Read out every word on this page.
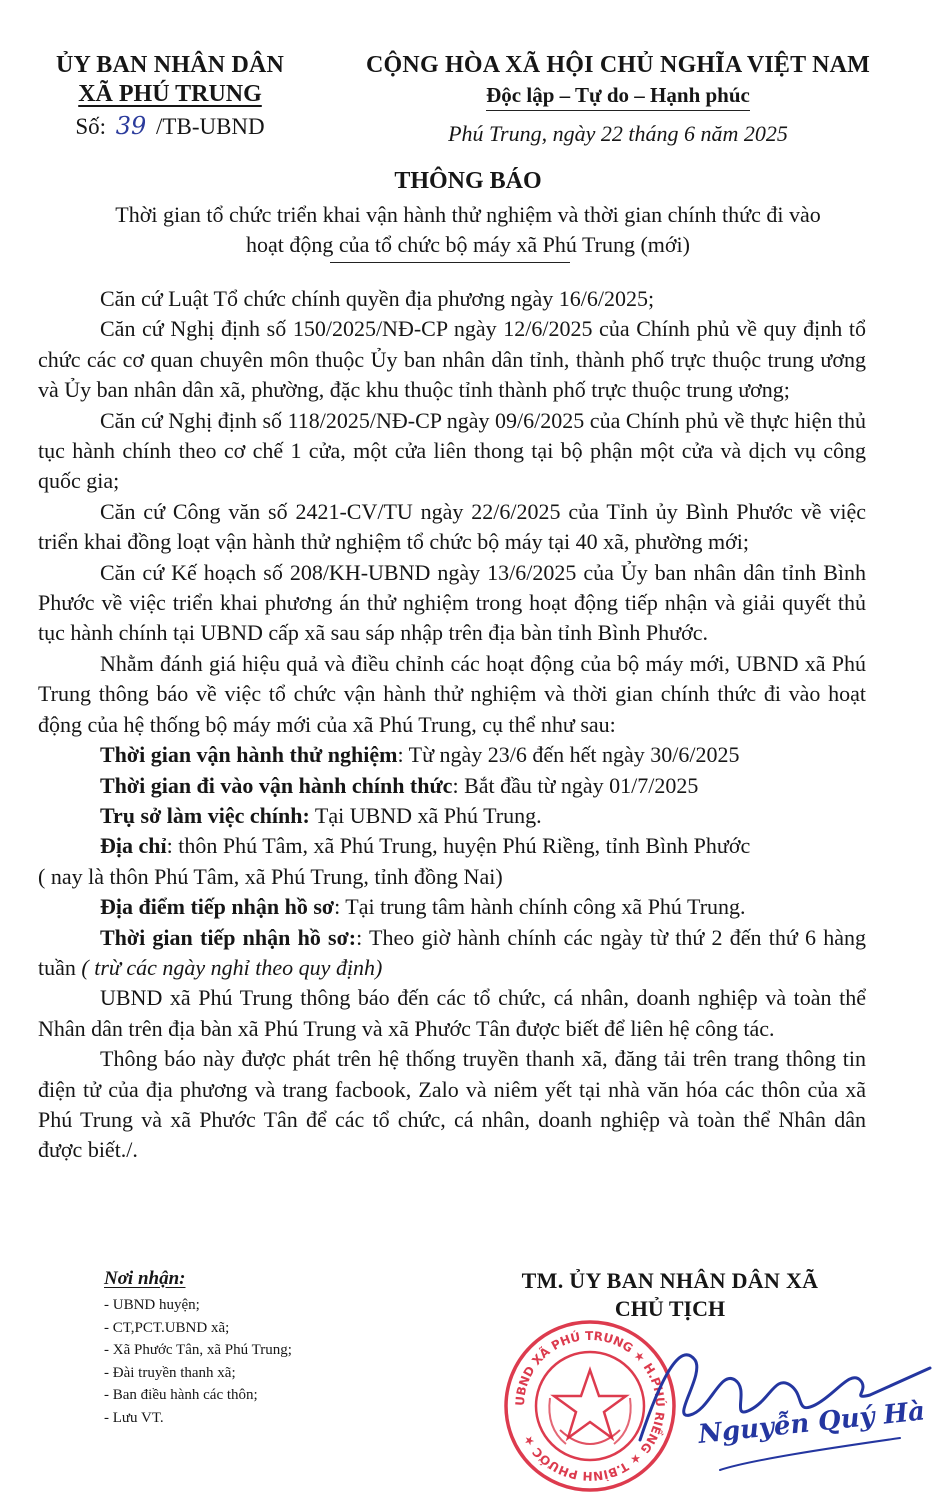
ỦY BAN NHÂN DÂN
XÃ PHÚ TRUNG
Số: 39 /TB-UBND
CỘNG HÒA XÃ HỘI CHỦ NGHĨA VIỆT NAM
Độc lập – Tự do – Hạnh phúc
Phú Trung, ngày 22 tháng 6 năm 2025
THÔNG BÁO
Thời gian tổ chức triển khai vận hành thử nghiệm và thời gian chính thức đi vào
hoạt động của tổ chức bộ máy xã Phú Trung (mới)

Căn cứ Luật Tổ chức chính quyền địa phương ngày 16/6/2025;

Căn cứ Nghị định số 150/2025/NĐ-CP ngày 12/6/2025 của Chính phủ về quy định tổ chức các cơ quan chuyên môn thuộc Ủy ban nhân dân tỉnh, thành phố trực thuộc trung ương và Ủy ban nhân dân xã, phường, đặc khu thuộc tỉnh thành phố trực thuộc trung ương;

Căn cứ Nghị định số 118/2025/NĐ-CP ngày 09/6/2025 của Chính phủ về thực hiện thủ tục hành chính theo cơ chế 1 cửa, một cửa liên thong tại bộ phận một cửa và dịch vụ công quốc gia;

Căn cứ Công văn số 2421-CV/TU ngày 22/6/2025 của Tỉnh ủy Bình Phước về việc triển khai đồng loạt vận hành thử nghiệm tổ chức bộ máy tại 40 xã, phường mới;

Căn cứ Kế hoạch số 208/KH-UBND ngày 13/6/2025 của Ủy ban nhân dân tỉnh Bình Phước về việc triển khai phương án thử nghiệm trong hoạt động tiếp nhận và giải quyết thủ tục hành chính tại UBND cấp xã sau sáp nhập trên địa bàn tỉnh Bình Phước.

Nhằm đánh giá hiệu quả và điều chỉnh các hoạt động của bộ máy mới, UBND xã Phú Trung thông báo về việc tổ chức vận hành thử nghiệm và thời gian chính thức đi vào hoạt động của hệ thống bộ máy mới của xã Phú Trung, cụ thể như sau:

Thời gian vận hành thử nghiệm: Từ ngày 23/6 đến hết ngày 30/6/2025

Thời gian đi vào vận hành chính thức: Bắt đầu từ ngày 01/7/2025

Trụ sở làm việc chính: Tại UBND xã Phú Trung.

Địa chỉ: thôn Phú Tâm, xã Phú Trung, huyện Phú Riềng, tỉnh Bình Phước

( nay là thôn Phú Tâm, xã Phú Trung, tỉnh đồng Nai)

Địa điểm tiếp nhận hồ sơ: Tại trung tâm hành chính công xã Phú Trung.

Thời gian tiếp nhận hồ sơ:: Theo giờ hành chính các ngày từ thứ 2 đến thứ 6 hàng tuần ( trừ các ngày nghỉ theo quy định)

UBND xã Phú Trung thông báo đến các tổ chức, cá nhân, doanh nghiệp và toàn thể Nhân dân trên địa bàn xã Phú Trung và xã Phước Tân được biết để liên hệ công tác.

Thông báo này được phát trên hệ thống truyền thanh xã, đăng tải trên trang thông tin điện tử của địa phương và trang facbook, Zalo và niêm yết tại nhà văn hóa các thôn của xã Phú Trung và xã Phước Tân để các tổ chức, cá nhân, doanh nghiệp và toàn thể Nhân dân được biết./.

Nơi nhận:
- UBND huyện;
- CT,PCT.UBND xã;
- Xã Phước Tân, xã Phú Trung;
- Đài truyền thanh xã;
- Ban điều hành các thôn;
- Lưu VT.
TM. ỦY BAN NHÂN DÂN XÃ
CHỦ TỊCH
UBND XÃ PHÚ TRUNG ★ H.PHÚ RIỀNG ★ T.BÌNH PHƯỚC ★	Nguyễn Quý Hà
